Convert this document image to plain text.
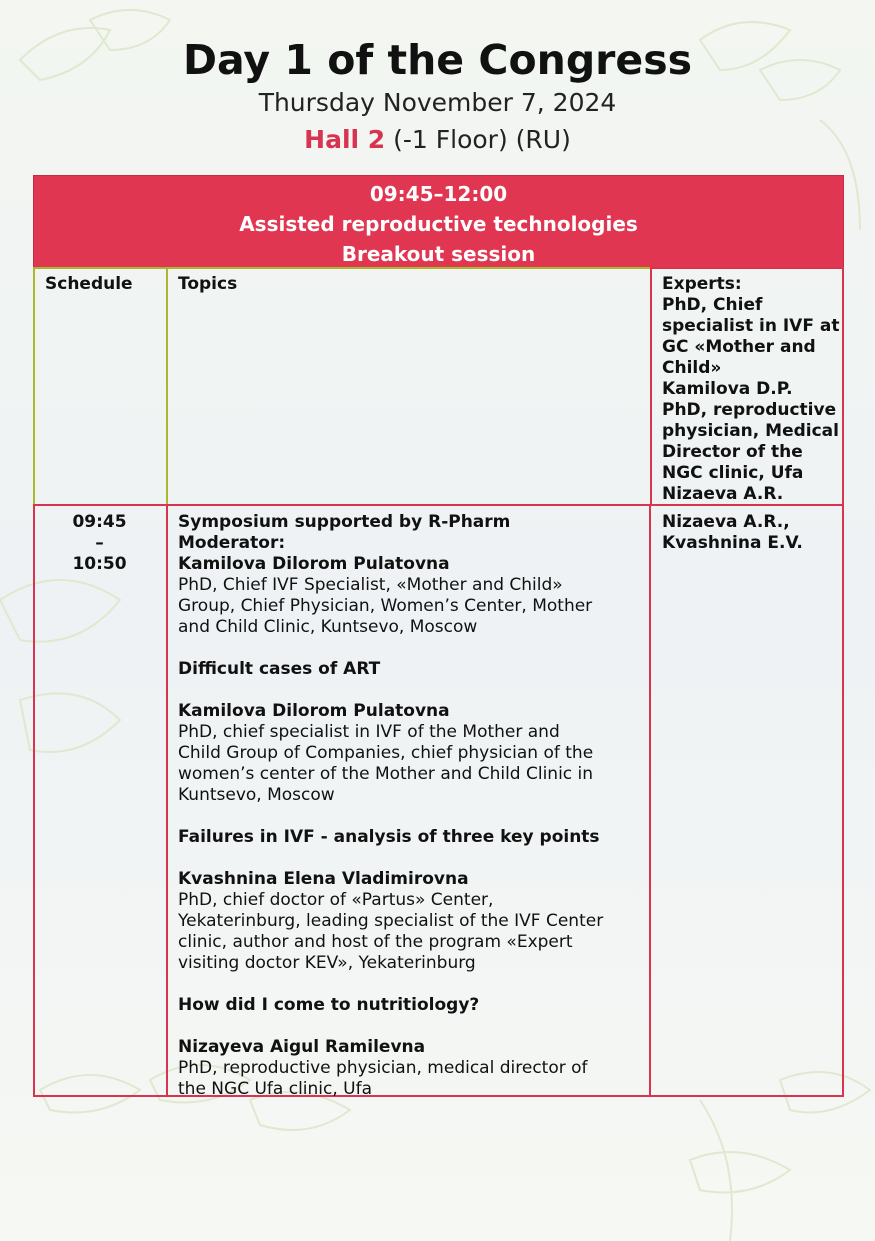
Day 1 of the Congress
Thursday November 7, 2024
Hall 2 (-1 Floor) (RU)
09:45–12:00
Assisted reproductive technologies
Breakout session
Schedule	Topics	Experts:
PhD, Chief
specialist in IVF at
GC «Mother and
Child»
Kamilova D.P.
PhD, reproductive
physician, Medical
Director of the
NGC clinic, Ufa
Nizaeva A.R.
09:45
–
10:50
Nizaeva A.R.,
Kvashnina E.V.
Symposium supported by R-Pharm
Moderator:
Kamilova Dilorom Pulatovna
PhD, Chief IVF Specialist, «Mother and Child»
Group, Chief Physician, Women’s Center, Mother
and Child Clinic, Kuntsevo, Moscow
Difficult cases of ART
Kamilova Dilorom Pulatovna
PhD, chief specialist in IVF of the Mother and
Child Group of Companies, chief physician of the
women’s center of the Mother and Child Clinic in
Kuntsevo, Moscow
Failures in IVF - analysis of three key points
Kvashnina Elena Vladimirovna
PhD, chief doctor of «Partus» Center,
Yekaterinburg, leading specialist of the IVF Center
clinic, author and host of the program «Expert
visiting doctor KEV», Yekaterinburg
How did I come to nutritiology?
Nizayeva Aigul Ramilevna
PhD, reproductive physician, medical director of
the NGC Ufa clinic, Ufa
